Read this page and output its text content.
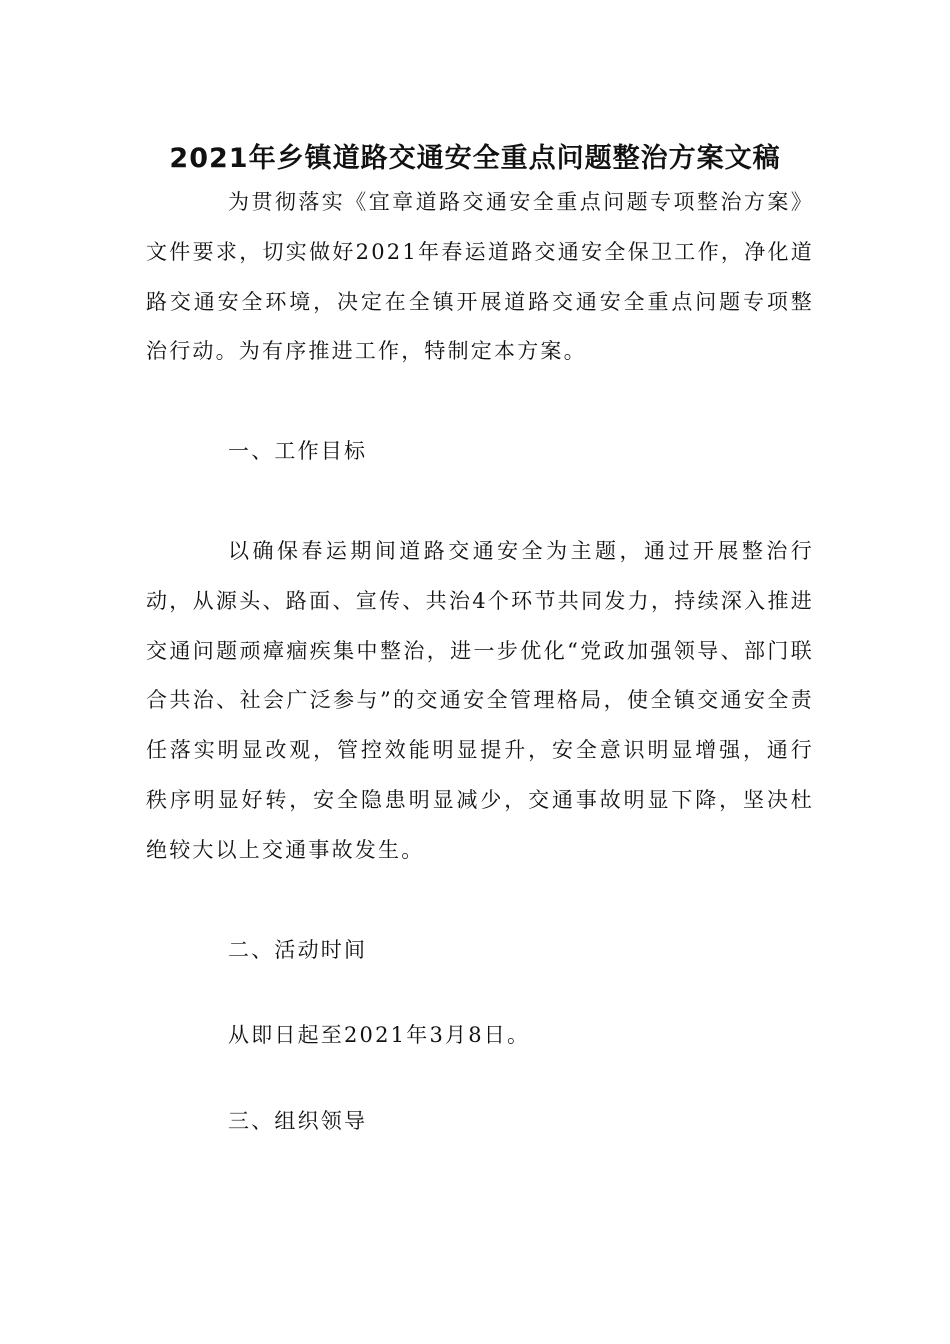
2021年乡镇道路交通安全重点问题整治方案文稿

为贯彻落实《宜章道路交通安全重点问题专项整治方案》文件要求，切实做好2021年春运道路交通安全保卫工作，净化道路交通安全环境，决定在全镇开展道路交通安全重点问题专项整治行动。为有序推进工作，特制定本方案。

一、工作目标

以确保春运期间道路交通安全为主题，通过开展整治行动，从源头、路面、宣传、共治4个环节共同发力，持续深入推进交通问题顽瘴痼疾集中整治，进一步优化“党政加强领导、部门联合共治、社会广泛参与”的交通安全管理格局，使全镇交通安全责任落实明显改观，管控效能明显提升，安全意识明显增强，通行秩序明显好转，安全隐患明显减少，交通事故明显下降，坚决杜绝较大以上交通事故发生。

二、活动时间

从即日起至2021年3月8日。

三、组织领导
